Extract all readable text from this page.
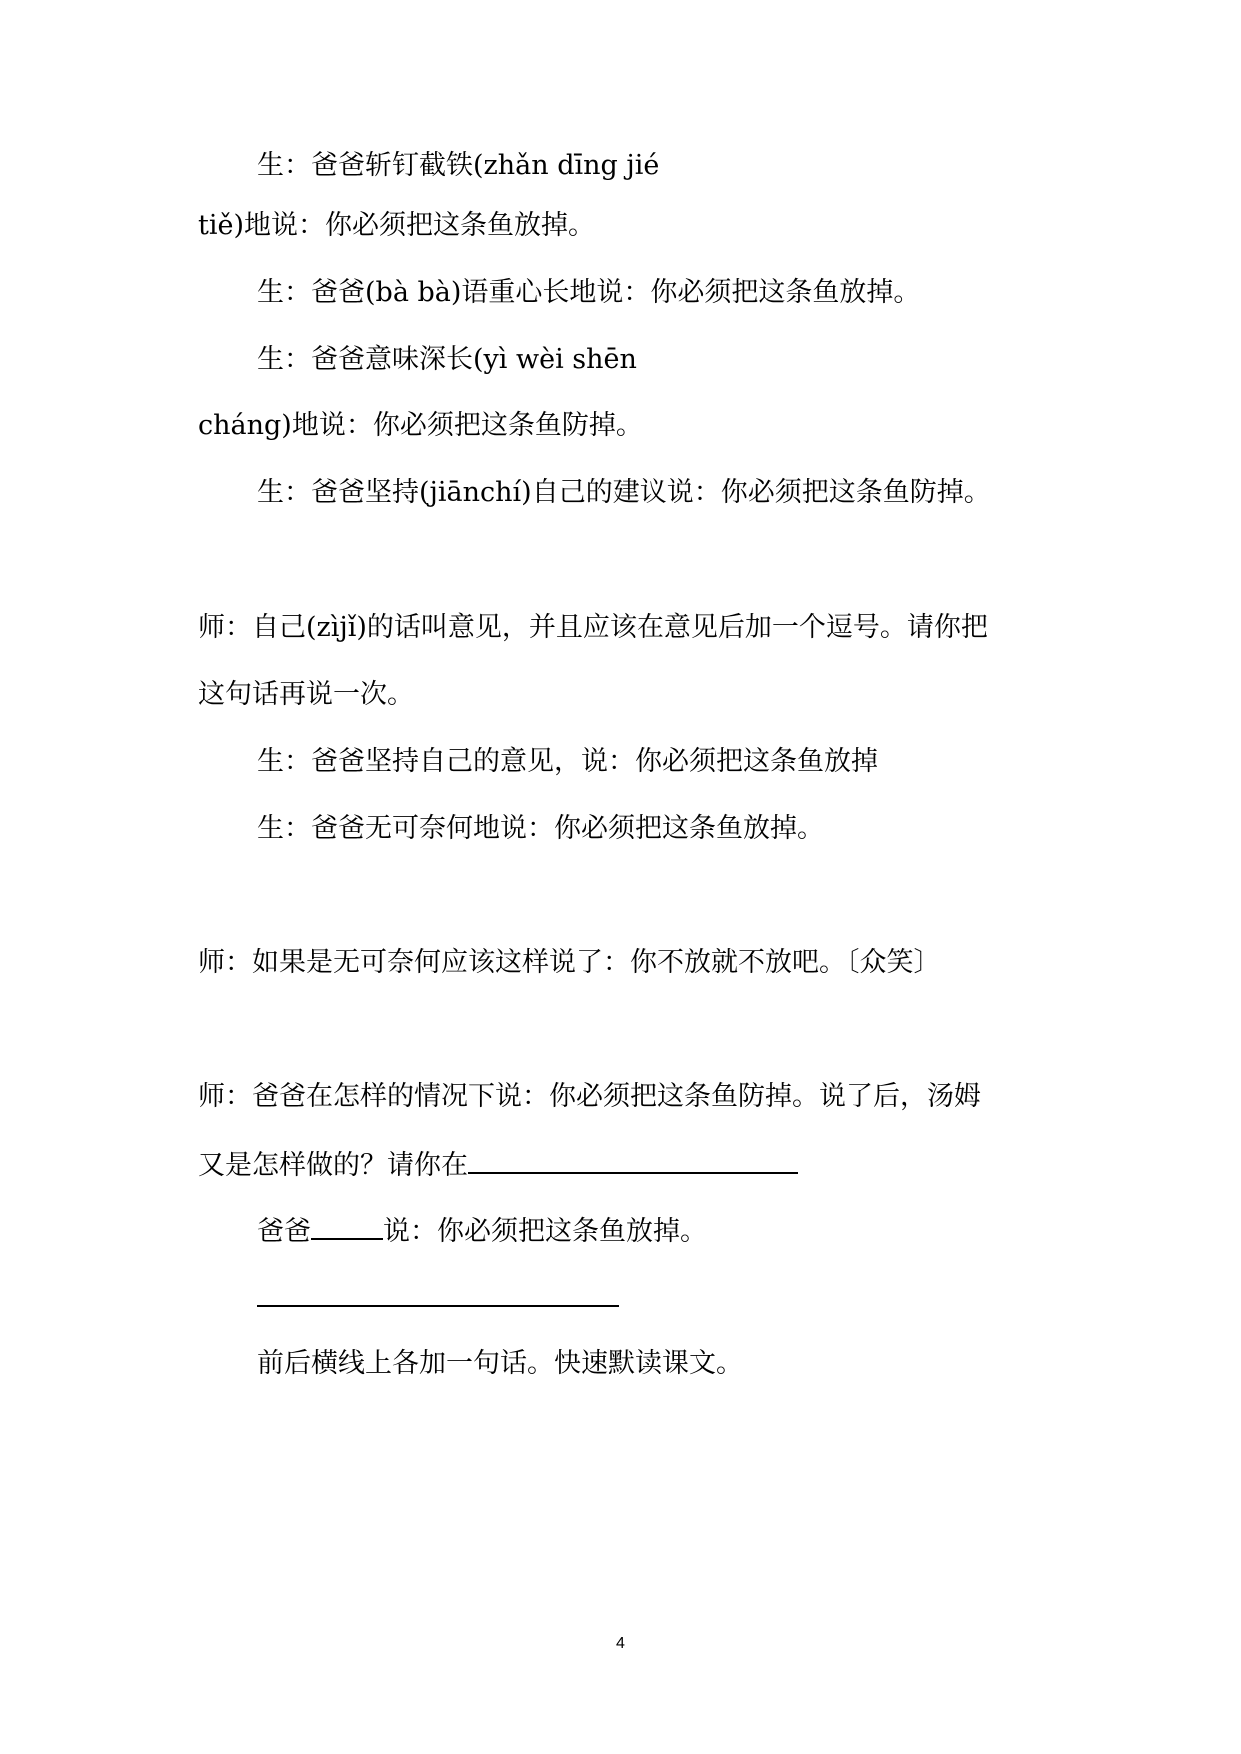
生：爸爸斩钉截铁(zhǎn dīng jié
tiě)地说：你必须把这条鱼放掉。
生：爸爸(bà bà)语重心长地说：你必须把这条鱼放掉。
生：爸爸意味深长(yì wèi shēn
cháng)地说：你必须把这条鱼防掉。
生：爸爸坚持(jiānchí)自己的建议说：你必须把这条鱼防掉。
师：自己(zìjǐ)的话叫意见，并且应该在意见后加一个逗号。请你把
这句话再说一次。
生：爸爸坚持自己的意见，说：你必须把这条鱼放掉
生：爸爸无可奈何地说：你必须把这条鱼放掉。
师：如果是无可奈何应该这样说了：你不放就不放吧。〔众笑〕
师：爸爸在怎样的情况下说：你必须把这条鱼防掉。说了后，汤姆
又是怎样做的？请你在
爸爸	说：你必须把这条鱼放掉。
前后横线上各加一句话。快速默读课文。
4
